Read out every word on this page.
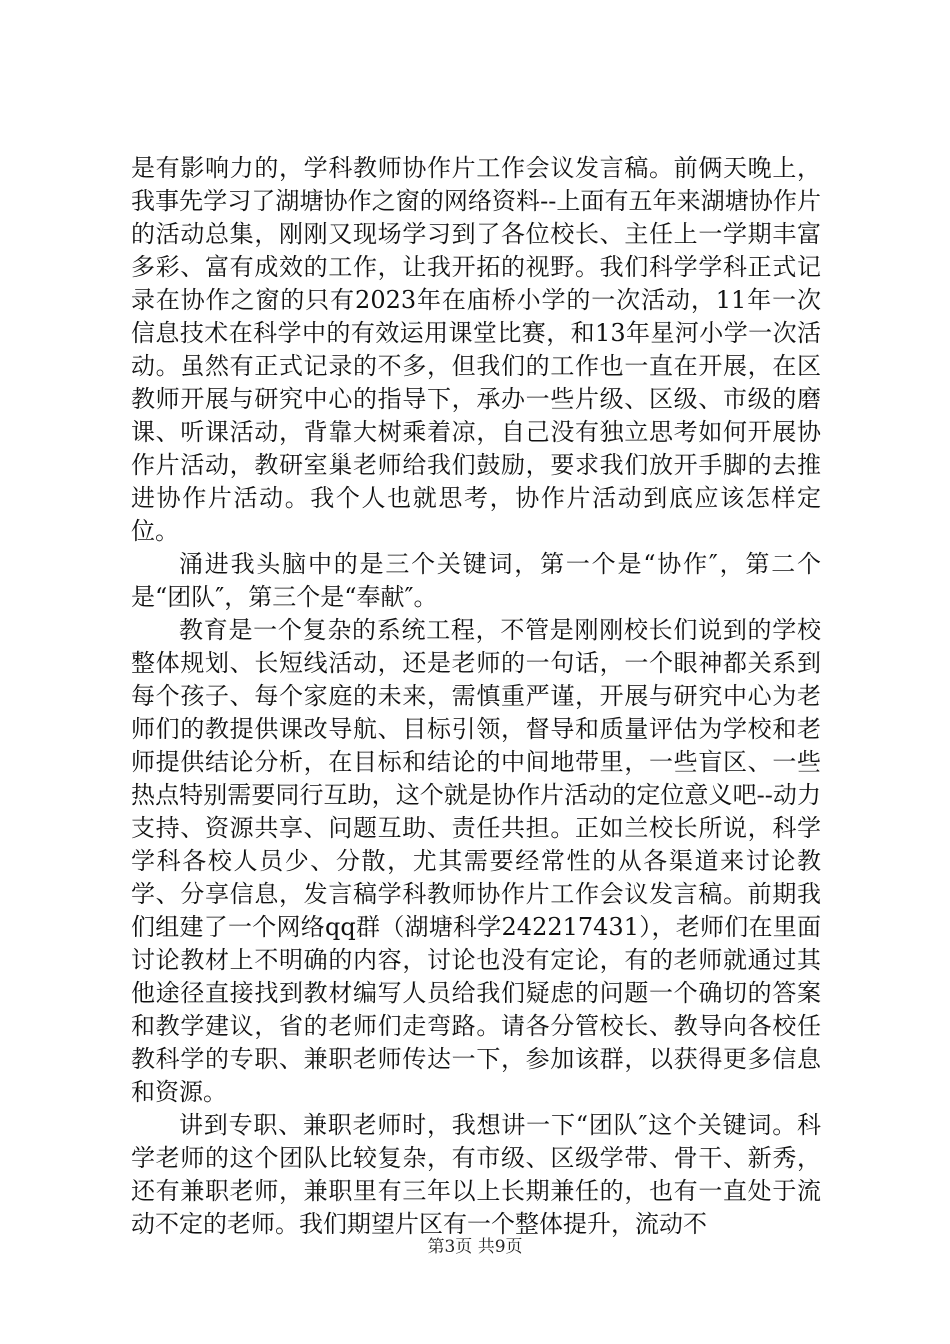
是有影响力的，学科教师协作片工作会议发言稿。前俩天晚上，我事先学习了湖塘协作之窗的网络资料--上面有五年来湖塘协作片的活动总集，刚刚又现场学习到了各位校长、主任上一学期丰富多彩、富有成效的工作，让我开拓的视野。我们科学学科正式记录在协作之窗的只有2023年在庙桥小学的一次活动，11年一次信息技术在科学中的有效运用课堂比赛，和13年星河小学一次活动。虽然有正式记录的不多，但我们的工作也一直在开展，在区教师开展与研究中心的指导下，承办一些片级、区级、市级的磨课、听课活动，背靠大树乘着凉，自己没有独立思考如何开展协作片活动，教研室巢老师给我们鼓励，要求我们放开手脚的去推进协作片活动。我个人也就思考，协作片活动到底应该怎样定位。

涌进我头脑中的是三个关键词，第一个是“协作″，第二个是“团队″，第三个是“奉献″。

教育是一个复杂的系统工程，不管是刚刚校长们说到的学校整体规划、长短线活动，还是老师的一句话，一个眼神都关系到每个孩子、每个家庭的未来，需慎重严谨，开展与研究中心为老师们的教提供课改导航、目标引领，督导和质量评估为学校和老师提供结论分析，在目标和结论的中间地带里，一些盲区、一些热点特别需要同行互助，这个就是协作片活动的定位意义吧--动力支持、资源共享、问题互助、责任共担。正如兰校长所说，科学学科各校人员少、分散，尤其需要经常性的从各渠道来讨论教学、分享信息，发言稿学科教师协作片工作会议发言稿。前期我们组建了一个网络qq群（湖塘科学242217431），老师们在里面讨论教材上不明确的内容，讨论也没有定论，有的老师就通过其他途径直接找到教材编写人员给我们疑虑的问题一个确切的答案和教学建议，省的老师们走弯路。请各分管校长、教导向各校任教科学的专职、兼职老师传达一下，参加该群，以获得更多信息和资源。

讲到专职、兼职老师时，我想讲一下“团队″这个关键词。科学老师的这个团队比较复杂，有市级、区级学带、骨干、新秀，还有兼职老师，兼职里有三年以上长期兼任的，也有一直处于流动不定的老师。我们期望片区有一个整体提升，流动不

第3页 共9页
